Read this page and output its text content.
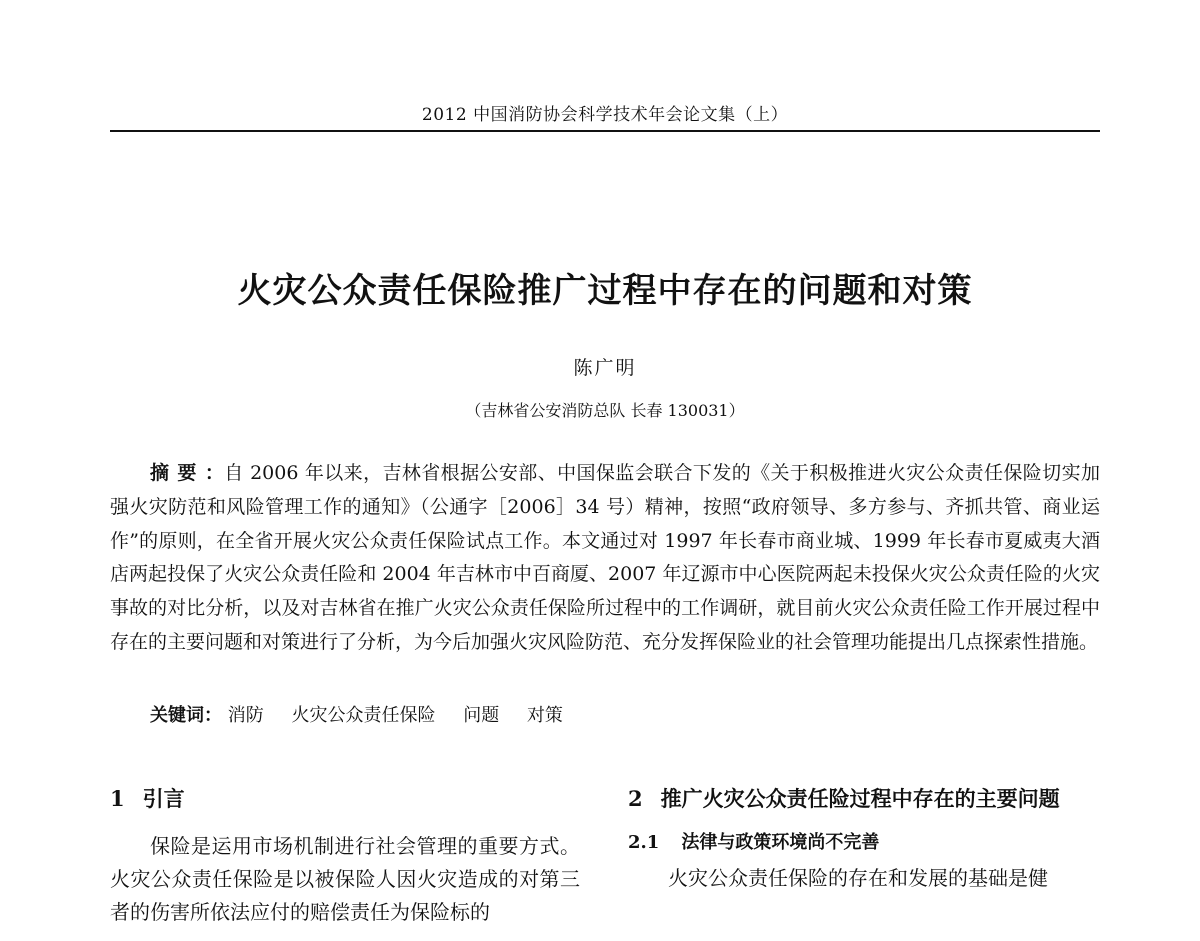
2012 中国消防协会科学技术年会论文集（上）
火灾公众责任保险推广过程中存在的问题和对策
陈广明
（吉林省公安消防总队 长春 130031）

摘要：自 2006 年以来，吉林省根据公安部、中国保监会联合下发的《关于积极推进火灾公众责任保险切实加强火灾防范和风险管理工作的通知》（公通字［2006］34 号）精神，按照“政府领导、多方参与、齐抓共管、商业运作”的原则，在全省开展火灾公众责任保险试点工作。本文通过对 1997 年长春市商业城、1999 年长春市夏威夷大酒店两起投保了火灾公众责任险和 2004 年吉林市中百商厦、2007 年辽源市中心医院两起未投保火灾公众责任险的火灾事故的对比分析，以及对吉林省在推广火灾公众责任保险所过程中的工作调研，就目前火灾公众责任险工作开展过程中存在的主要问题和对策进行了分析，为今后加强火灾风险防范、充分发挥保险业的社会管理功能提出几点探索性措施。

关键词： 消防 火灾公众责任保险 问题 对策
1 引言

保险是运用市场机制进行社会管理的重要方式。火灾公众责任保险是以被保险人因火灾造成的对第三者的伤害所依法应付的赔偿责任为保险标的

2 推广火灾公众责任险过程中存在的主要问题
2.1 法律与政策环境尚不完善

火灾公众责任保险的存在和发展的基础是健
